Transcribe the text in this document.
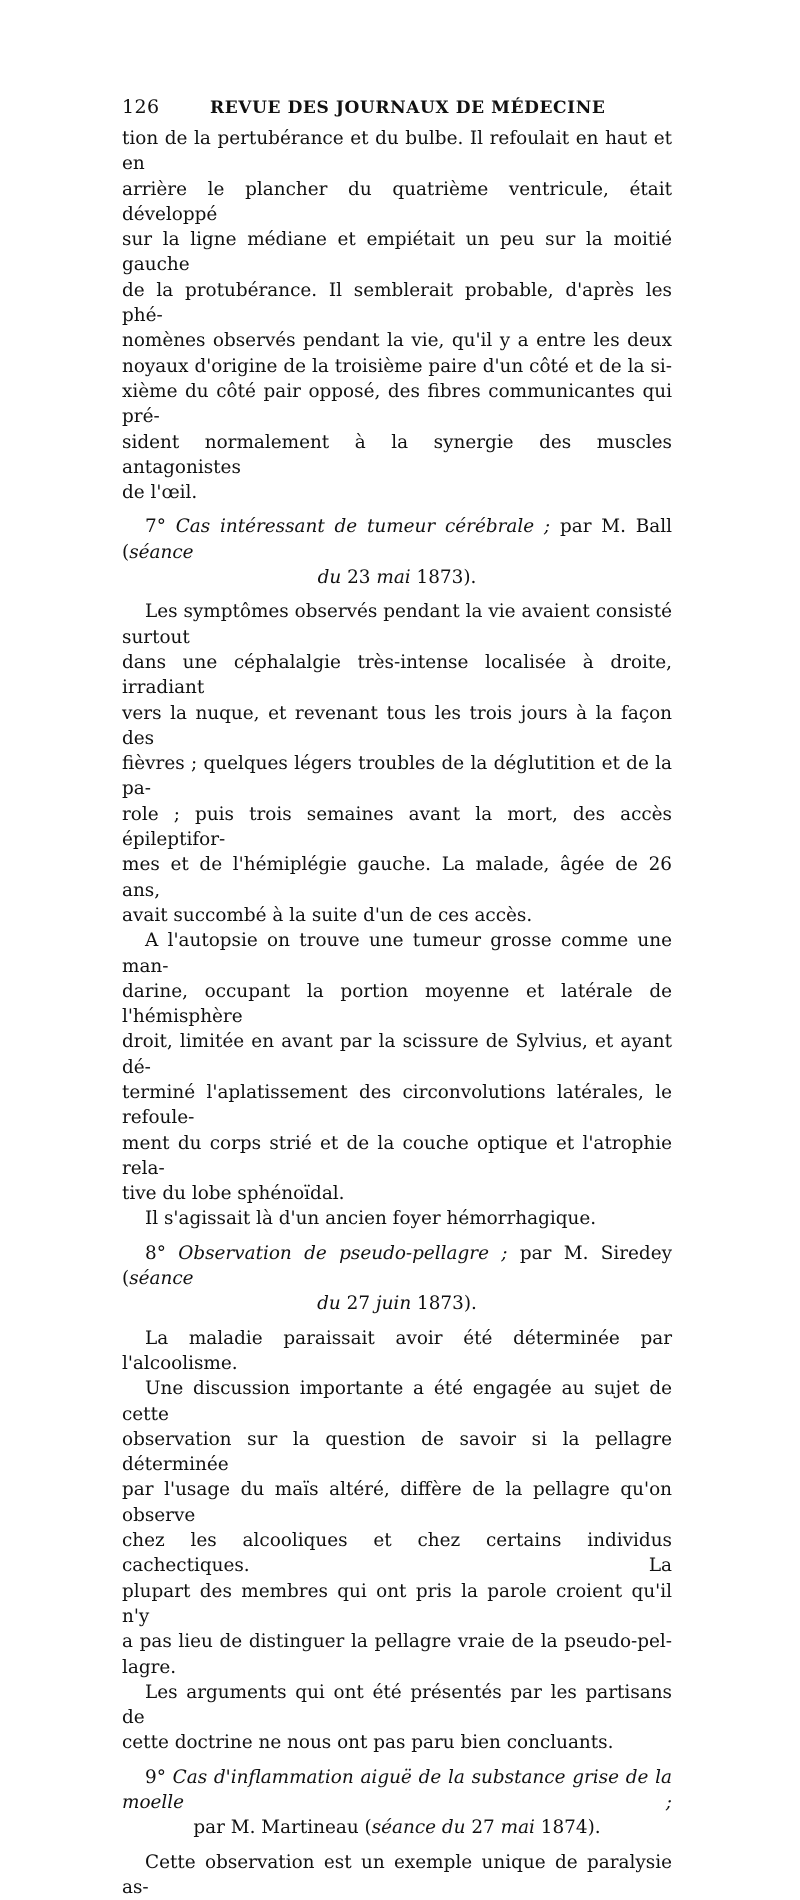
126	REVUE DES JOURNAUX DE MÉDECINE

tion de la pertubérance et du bulbe. Il refoulait en haut et en

arrière le plancher du quatrième ventricule, était développé

sur la ligne médiane et empiétait un peu sur la moitié gauche

de la protubérance. Il semblerait probable, d'après les phé-

nomènes observés pendant la vie, qu'il y a entre les deux

noyaux d'origine de la troisième paire d'un côté et de la si-

xième du côté pair opposé, des fibres communicantes qui pré-

sident normalement à la synergie des muscles antagonistes

de l'œil.

7° Cas intéressant de tumeur cérébrale ; par M. Ball (séance

du 23 mai 1873).

Les symptômes observés pendant la vie avaient consisté surtout

dans une céphalalgie très-intense localisée à droite, irradiant

vers la nuque, et revenant tous les trois jours à la façon des

fièvres ; quelques légers troubles de la déglutition et de la pa-

role ; puis trois semaines avant la mort, des accès épileptifor-

mes et de l'hémiplégie gauche. La malade, âgée de 26 ans,

avait succombé à la suite d'un de ces accès.

A l'autopsie on trouve une tumeur grosse comme une man-

darine, occupant la portion moyenne et latérale de l'hémisphère

droit, limitée en avant par la scissure de Sylvius, et ayant dé-

terminé l'aplatissement des circonvolutions latérales, le refoule-

ment du corps strié et de la couche optique et l'atrophie rela-

tive du lobe sphénoïdal.

Il s'agissait là d'un ancien foyer hémorrhagique.

8° Observation de pseudo-pellagre ; par M. Siredey (séance

du 27 juin 1873).

La maladie paraissait avoir été déterminée par l'alcoolisme.

Une discussion importante a été engagée au sujet de cette

observation sur la question de savoir si la pellagre déterminée

par l'usage du maïs altéré, diffère de la pellagre qu'on observe

chez les alcooliques et chez certains individus cachectiques. La

plupart des membres qui ont pris la parole croient qu'il n'y

a pas lieu de distinguer la pellagre vraie de la pseudo-pel-

lagre.

Les arguments qui ont été présentés par les partisans de

cette doctrine ne nous ont pas paru bien concluants.

9° Cas d'inflammation aiguë de la substance grise de la moelle ;

par M. Martineau (séance du 27 mai 1874).

Cette observation est un exemple unique de paralysie as-
